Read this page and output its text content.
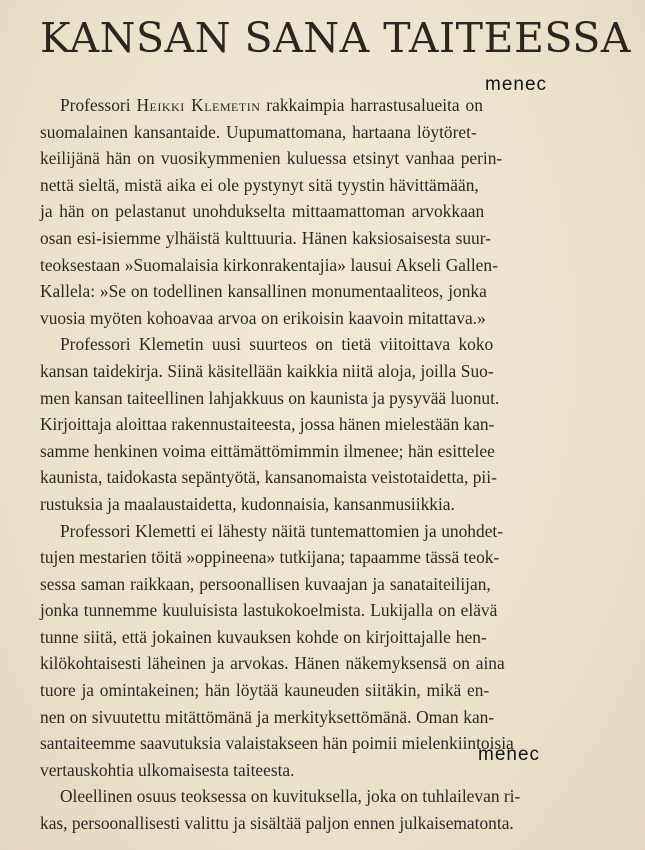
KANSAN SANA TAITEESSA
menec
Professori Heikki Klemetin rakkaimpia harrastusalueita on
suomalainen kansantaide. Uupumattomana, hartaana löytöret-
keilijänä hän on vuosikymmenien kuluessa etsinyt vanhaa perin-
nettä sieltä, mistä aika ei ole pystynyt sitä tyystin hävittämään,
ja hän on pelastanut unohdukselta mittaamattoman arvokkaan
osan esi-isiemme ylhäistä kulttuuria. Hänen kaksiosaisesta suur-
teoksestaan »Suomalaisia kirkonrakentajia» lausui Akseli Gallen-
Kallela: »Se on todellinen kansallinen monumentaaliteos, jonka
vuosia myöten kohoavaa arvoa on erikoisin kaavoin mitattava.»
Professori Klemetin uusi suurteos on tietä viitoittava koko
kansan taidekirja. Siinä käsitellään kaikkia niitä aloja, joilla Suo-
men kansan taiteellinen lahjakkuus on kaunista ja pysyvää luonut.
Kirjoittaja aloittaa rakennustaiteesta, jossa hänen mielestään kan-
samme henkinen voima eittämättömimmin ilmenee; hän esittelee
kaunista, taidokasta sepäntyötä, kansanomaista veistotaidetta, pii-
rustuksia ja maalaustaidetta, kudonnaisia, kansanmusiikkia.
Professori Klemetti ei lähesty näitä tuntemattomien ja unohdet-
tujen mestarien töitä »oppineena» tutkijana; tapaamme tässä teok-
sessa saman raikkaan, persoonallisen kuvaajan ja sanataiteilijan,
jonka tunnemme kuuluisista lastukokoelmista. Lukijalla on elävä
tunne siitä, että jokainen kuvauksen kohde on kirjoittajalle hen-
kilökohtaisesti läheinen ja arvokas. Hänen näkemyksensä on aina
tuore ja omintakeinen; hän löytää kauneuden siitäkin, mikä en-
nen on sivuutettu mitättömänä ja merkityksettömänä. Oman kan-
santaiteemme saavutuksia valaistakseen hän poimii mielenkiintoisia
vertauskohtia ulkomaisesta taiteesta.
Oleellinen osuus teoksessa on kuvituksella, joka on tuhlailevan ri-
kas, persoonallisesti valittu ja sisältää paljon ennen julkaisematonta.
menec
